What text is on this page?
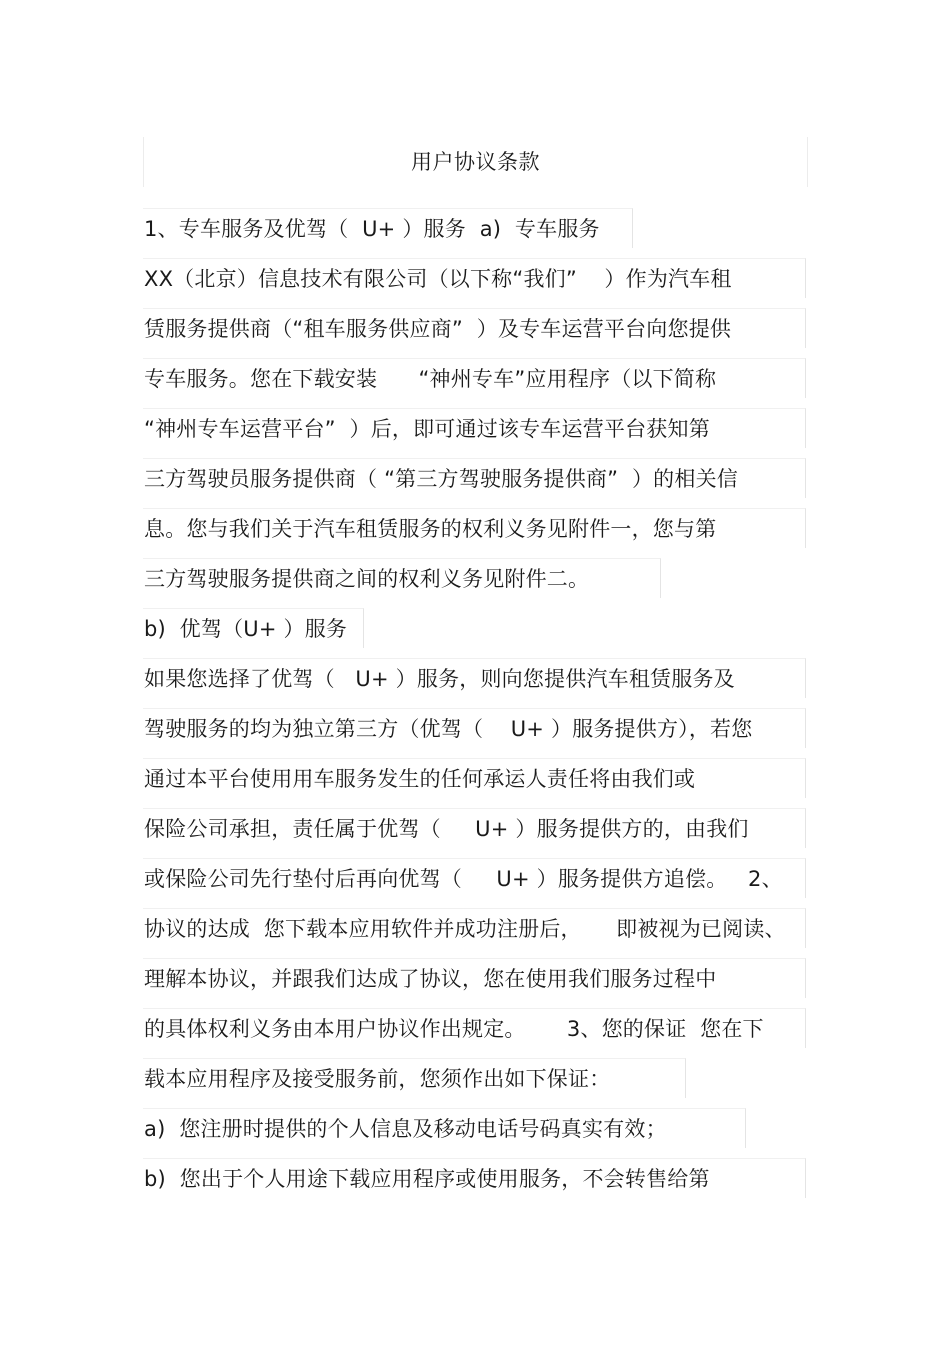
用户协议条款
1、专车服务及优驾（  U+ ）服务  a)  专车服务
XX（北京）信息技术有限公司（以下称“我们”    ）作为汽车租
赁服务提供商（“租车服务供应商”  ）及专车运营平台向您提供
专车服务。您在下载安装      “神州专车”应用程序（以下简称
“神州专车运营平台”  ）后，即可通过该专车运营平台获知第
三方驾驶员服务提供商（ “第三方驾驶服务提供商”  ）的相关信
息。您与我们关于汽车租赁服务的权利义务见附件一，您与第
三方驾驶服务提供商之间的权利义务见附件二。
b)  优驾（U+ ）服务
如果您选择了优驾（   U+ ）服务，则向您提供汽车租赁服务及
驾驶服务的均为独立第三方（优驾（    U+ ）服务提供方），若您
通过本平台使用用车服务发生的任何承运人责任将由我们或
保险公司承担，责任属于优驾（     U+ ）服务提供方的，由我们
或保险公司先行垫付后再向优驾（     U+ ）服务提供方追偿。   2、
协议的达成  您下载本应用软件并成功注册后，     即被视为已阅读、
理解本协议，并跟我们达成了协议，您在使用我们服务过程中
的具体权利义务由本用户协议作出规定。      3、您的保证  您在下
载本应用程序及接受服务前，您须作出如下保证：
a)  您注册时提供的个人信息及移动电话号码真实有效；
b)  您出于个人用途下载应用程序或使用服务，不会转售给第
